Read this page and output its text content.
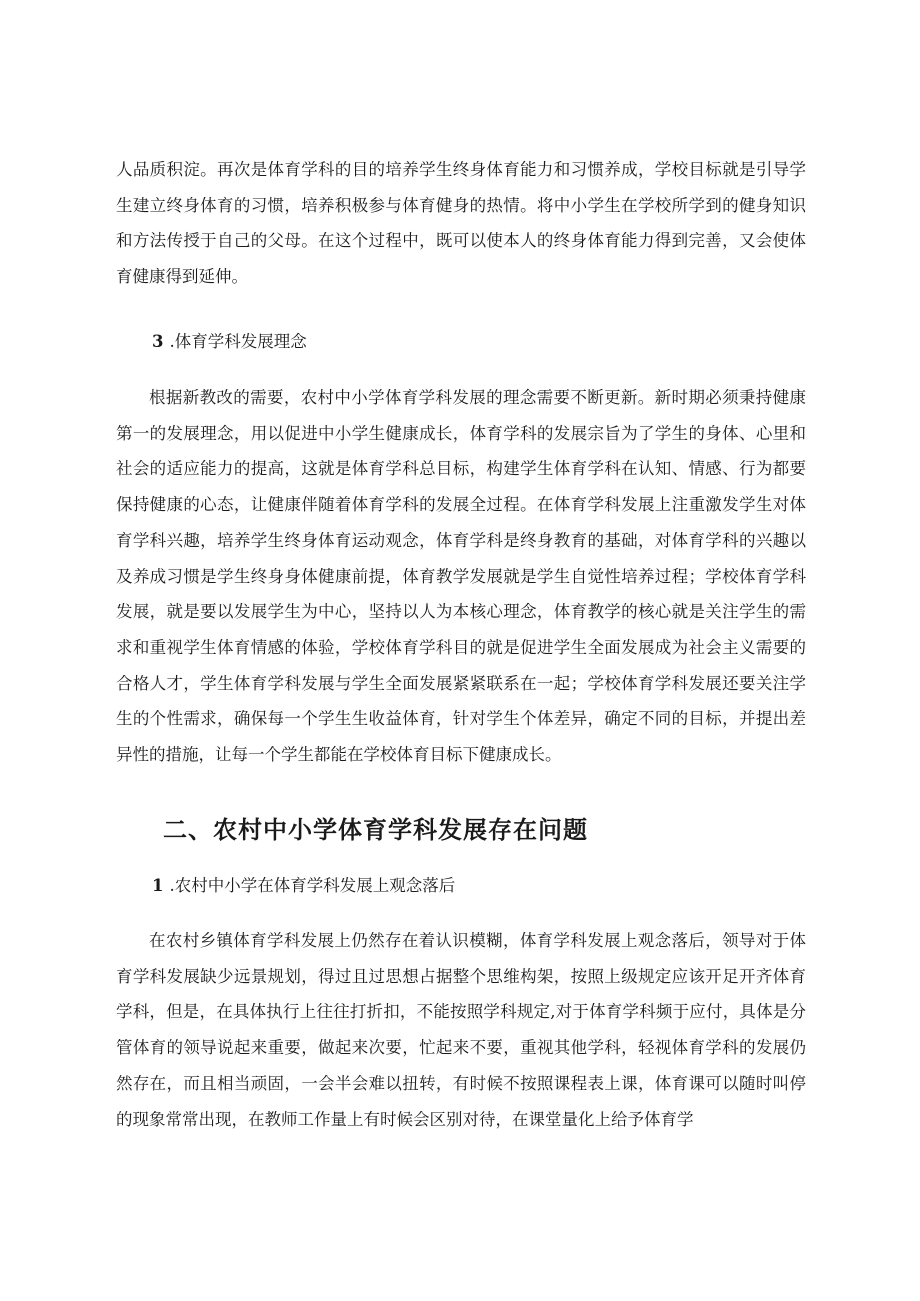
人品质积淀。再次是体育学科的目的培养学生终身体育能力和习惯养成，学校目标就是引导学生建立终身体育的习惯，培养积极参与体育健身的热情。将中小学生在学校所学到的健身知识和方法传授于自己的父母。在这个过程中，既可以使本人的终身体育能力得到完善，又会使体育健康得到延伸。

3 .体育学科发展理念

根据新教改的需要，农村中小学体育学科发展的理念需要不断更新。新时期必须秉持健康第一的发展理念，用以促进中小学生健康成长，体育学科的发展宗旨为了学生的身体、心里和社会的适应能力的提高，这就是体育学科总目标，构建学生体育学科在认知、情感、行为都要保持健康的心态，让健康伴随着体育学科的发展全过程。在体育学科发展上注重激发学生对体育学科兴趣，培养学生终身体育运动观念，体育学科是终身教育的基础，对体育学科的兴趣以及养成习惯是学生终身身体健康前提，体育教学发展就是学生自觉性培养过程；学校体育学科发展，就是要以发展学生为中心，坚持以人为本核心理念，体育教学的核心就是关注学生的需求和重视学生体育情感的体验，学校体育学科目的就是促进学生全面发展成为社会主义需要的合格人才，学生体育学科发展与学生全面发展紧紧联系在一起；学校体育学科发展还要关注学生的个性需求，确保每一个学生生收益体育，针对学生个体差异，确定不同的目标，并提出差异性的措施，让每一个学生都能在学校体育目标下健康成长。

二、农村中小学体育学科发展存在问题

1 .农村中小学在体育学科发展上观念落后

在农村乡镇体育学科发展上仍然存在着认识模糊，体育学科发展上观念落后，领导对于体育学科发展缺少远景规划，得过且过思想占据整个思维构架，按照上级规定应该开足开齐体育学科，但是，在具体执行上往往打折扣，不能按照学科规定,对于体育学科频于应付，具体是分管体育的领导说起来重要，做起来次要，忙起来不要，重视其他学科，轻视体育学科的发展仍然存在，而且相当顽固，一会半会难以扭转，有时候不按照课程表上课，体育课可以随时叫停的现象常常出现，在教师工作量上有时候会区别对待，在课堂量化上给予体育学
